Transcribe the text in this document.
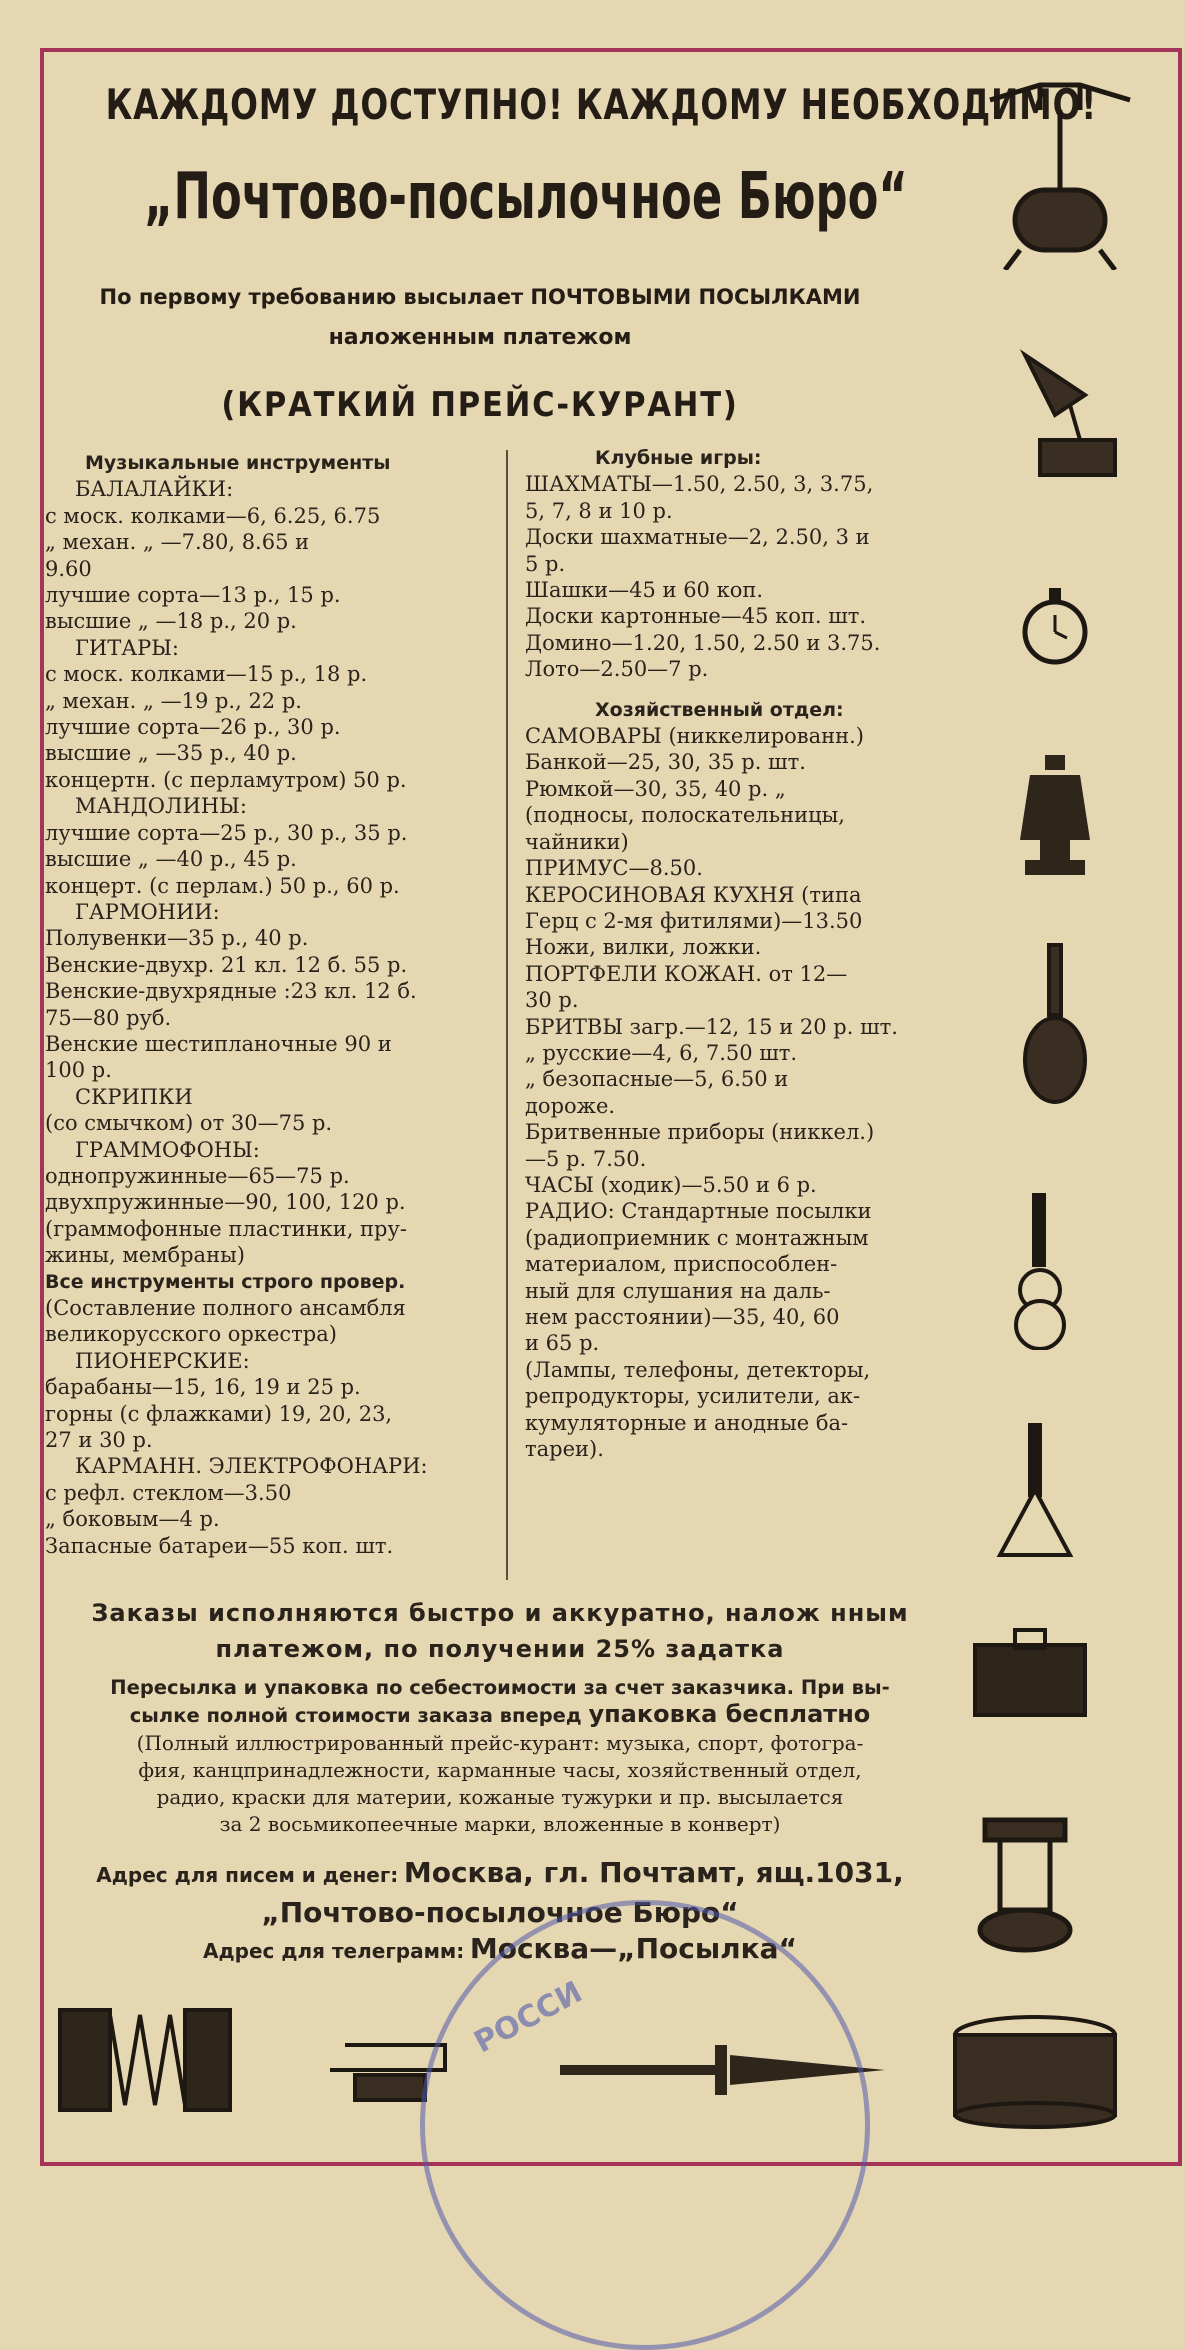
КАЖДОМУ ДОСТУПНО! КАЖДОМУ НЕОБХОДИМО!
„Почтово-посылочное Бюро“
По первому требованию высылает ПОЧТОВЫМИ ПОСЫЛКАМИ
наложенным платежом
(КРАТКИЙ ПРЕЙС-КУРАНТ)
Музыкальные инструменты
БАЛАЛАЙКИ:
с моск. колками—6, 6.25, 6.75
„ механ. „ —7.80, 8.65 и
9.60
лучшие сорта—13 р., 15 р.
высшие „ —18 р., 20 р.
ГИТАРЫ:
с моск. колками—15 р., 18 р.
„ механ. „ —19 р., 22 р.
лучшие сорта—26 р., 30 р.
высшие „ —35 р., 40 р.
концертн. (с перламутром) 50 р.
МАНДОЛИНЫ:
лучшие сорта—25 р., 30 р., 35 р.
высшие „ —40 р., 45 р.
концерт. (с перлам.) 50 р., 60 р.
ГАРМОНИИ:
Полувенки—35 р., 40 р.
Венские-двухр. 21 кл. 12 б. 55 р.
Венские-двухрядные :23 кл. 12 б.
75—80 руб.
Венские шестипланочные 90 и
100 р.
СКРИПКИ
(со смычком) от 30—75 р.
ГРАММОФОНЫ:
однопружинные—65—75 р.
двухпружинные—90, 100, 120 р.
(граммофонные пластинки, пру-
жины, мембраны)
Все инструменты строго провер.
(Составление полного ансамбля
великорусского оркестра)
ПИОНЕРСКИЕ:
барабаны—15, 16, 19 и 25 р.
горны (с флажками) 19, 20, 23,
27 и 30 р.
КАРМАНН. ЭЛЕКТРОФОНАРИ:
с рефл. стеклом—3.50
„ боковым—4 р.
Запасные батареи—55 коп. шт.
Клубные игры:
ШАХМАТЫ—1.50, 2.50, 3, 3.75,
5, 7, 8 и 10 р.
Доски шахматные—2, 2.50, 3 и
5 р.
Шашки—45 и 60 коп.
Доски картонные—45 коп. шт.
Домино—1.20, 1.50, 2.50 и 3.75.
Лото—2.50—7 р.
Хозяйственный отдел:
САМОВАРЫ (никкелированн.)
Банкой—25, 30, 35 р. шт.
Рюмкой—30, 35, 40 р. „
(подносы, полоскательницы,
чайники)
ПРИМУС—8.50.
КЕРОСИНОВАЯ КУХНЯ (типа
Герц с 2-мя фитилями)—13.50
Ножи, вилки, ложки.
ПОРТФЕЛИ КОЖАН. от 12—
30 р.
БРИТВЫ загр.—12, 15 и 20 р. шт.
„ русские—4, 6, 7.50 шт.
„ безопасные—5, 6.50 и
дороже.
Бритвенные приборы (никкел.)
—5 р. 7.50.
ЧАСЫ (ходик)—5.50 и 6 р.
РАДИО: Стандартные посылки
(радиоприемник с монтажным
материалом, приспособлен-
ный для слушания на даль-
нем расстоянии)—35, 40, 60
и 65 р.
(Лампы, телефоны, детекторы,
репродукторы, усилители, ак-
кумуляторные и анодные ба-
тареи).
Заказы исполняются быстро и аккуратно, налож нным
платежом, по получении 25% задатка
Пересылка и упаковка по себестоимости за счет заказчика. При вы-
сылке полной стоимости заказа вперед упаковка бесплатно
(Полный иллюстрированный прейс-курант: музыка, спорт, фотогра-
фия, канцпринадлежности, карманные часы, хозяйственный отдел,
радио, краски для материи, кожаные тужурки и пр. высылается
за 2 восьмикопеечные марки, вложенные в конверт)
Адрес для писем и денег: Москва, гл. Почтамт, ящ.1031,
„Почтово-посылочное Бюро“
Адрес для телеграмм: Москва—„Посылка“
РОССИ
